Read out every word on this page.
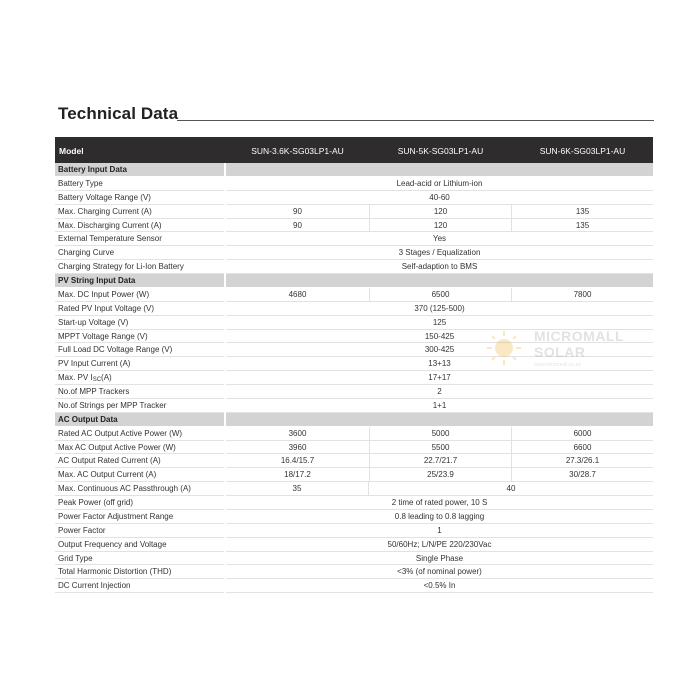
Technical Data
Model	SUN-3.6K-SG03LP1-AU	SUN-5K-SG03LP1-AU	SUN-6K-SG03LP1-AU
Battery Input Data
Battery Type	Lead-acid or Lithium-ion
Battery Voltage Range (V)	40-60
Max. Charging Current (A)	90	120	135
Max. Discharging Current (A)	90	120	135
External Temperature Sensor	Yes
Charging Curve	3 Stages / Equalization
Charging Strategy for Li-Ion Battery	Self-adaption to BMS
PV String Input Data
Max. DC Input Power (W)	4680	6500	7800
Rated PV Input Voltage (V)	370 (125-500)
Start-up Voltage (V)	125
MPPT Voltage Range (V)	150-425
Full Load DC Voltage Range (V)	300-425
PV Input Current (A)	13+13
Max. PV $I_{SC}(A)$	17+17
No.of MPP Trackers	2
No.of Strings per MPP Tracker	1+1
AC Output Data
Rated AC Output Active Power (W)	3600	5000	6000
Max AC Output Active Power (W)	3960	5500	6600
AC Output Rated Current (A)	16.4/15.7	22.7/21.7	27.3/26.1
Max. AC Output Current (A)	18/17.2	25/23.9	30/28.7
Max. Continuous AC Passthrough (A)	35	40
Peak Power (off grid)	2 time of rated power, 10 S
Power Factor Adjustment Range	0.8 leading to 0.8 lagging
Power Factor	1
Output Frequency and Voltage	50/60Hz; L/N/PE 220/230Vac
Grid Type	Single Phase
Total Harmonic Distortion (THD)	<3% (of nominal power)
DC Current Injection	<0.5% In
MICROMALL
SOLAR
www.micromall.co.za
